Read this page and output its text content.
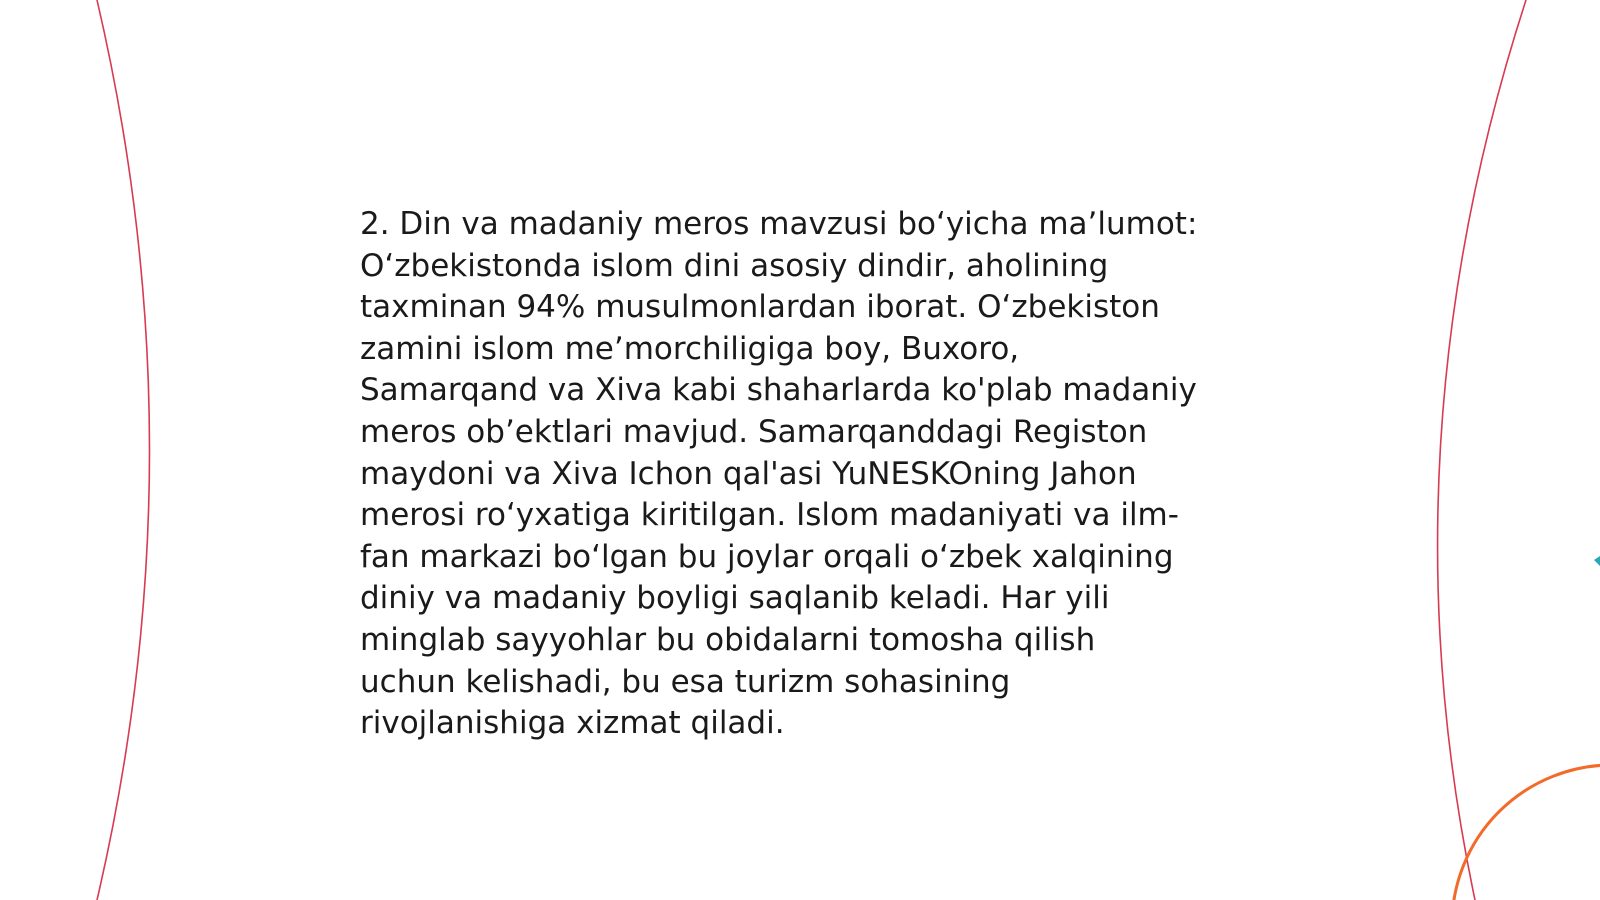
2. Din va madaniy meros mavzusi bo‘yicha ma’lumot:
O‘zbekistonda islom dini asosiy dindir, aholining
taxminan 94% musulmonlardan iborat. O‘zbekiston
zamini islom me’morchiligiga boy, Buxoro,
Samarqand va Xiva kabi shaharlarda ko'plab madaniy
meros ob’ektlari mavjud. Samarqanddagi Registon
maydoni va Xiva Ichon qal'asi YuNESKOning Jahon
merosi ro‘yxatiga kiritilgan. Islom madaniyati va ilm-
fan markazi bo‘lgan bu joylar orqali o‘zbek xalqining
diniy va madaniy boyligi saqlanib keladi. Har yili
minglab sayyohlar bu obidalarni tomosha qilish
uchun kelishadi, bu esa turizm sohasining
rivojlanishiga xizmat qiladi.
